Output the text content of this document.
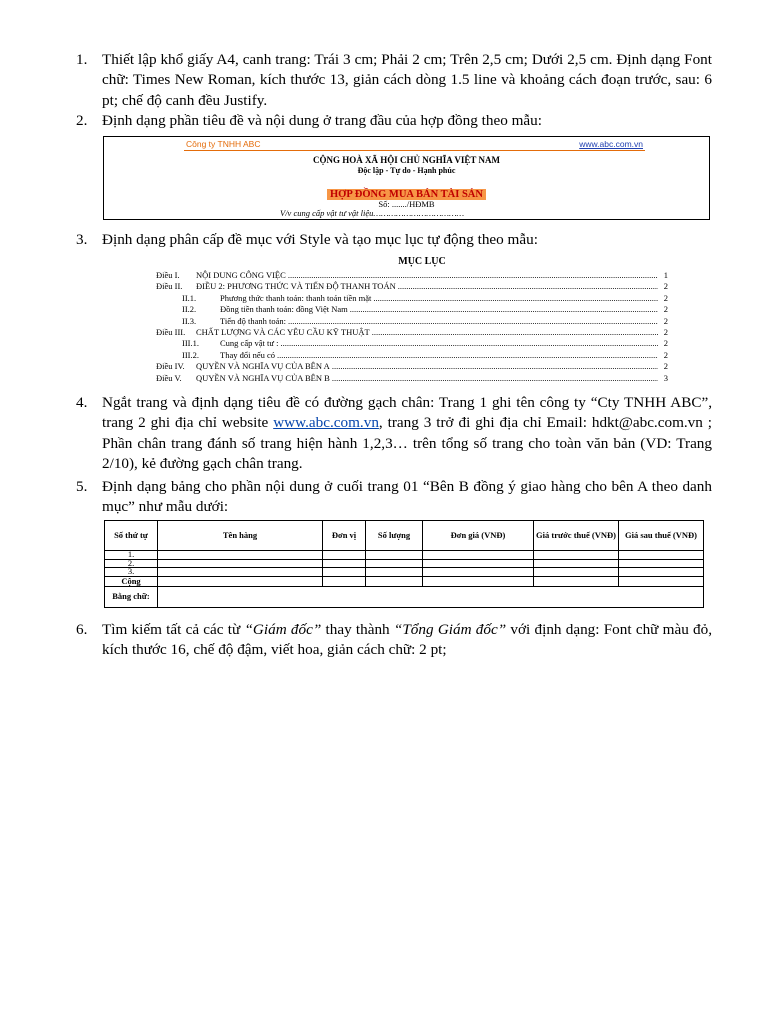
1. Thiết lập khổ giấy A4, canh trang: Trái 3 cm; Phải 2 cm; Trên 2,5 cm; Dưới 2,5 cm. Định dạng Font chữ: Times New Roman, kích thước 13, giản cách dòng 1.5 line và khoảng cách đoạn trước, sau: 6 pt; chế độ canh đều Justify.
2. Định dạng phần tiêu đề và nội dung ở trang đầu của hợp đồng theo mẫu:
Công ty TNHH ABC	www.abc.com.vn
CỘNG HOÀ XÃ HỘI CHỦ NGHĨA VIỆT NAM
Độc lập - Tự do - Hạnh phúc
HỢP ĐỒNG MUA BÁN TÀI SẢN
Số: ......./HĐMB
V/v cung cấp vật tư vật liệu………………………………
3. Định dạng phân cấp đề mục với Style và tạo mục lục tự động theo mẫu:
MỤC LỤC
Điều I.	NỘI DUNG CÔNG VIỆC .....	1
Điều II.	ĐIỀU 2: PHƯƠNG THỨC VÀ TIẾN ĐỘ THANH TOÁN .....	2
II.1.	Phương thức thanh toán: thanh toán tiền mặt .....	2
II.2.	Đồng tiền thanh toán: đồng Việt Nam .....	2
II.3.	Tiến độ thanh toán: .....	2
Điều III.	CHẤT LƯỢNG VÀ CÁC YÊU CẦU KỸ THUẬT .....	2
III.1.	Cung cấp vật tư : .....	2
III.2.	Thay đổi nếu có .....	2
Điều IV.	QUYỀN VÀ NGHĨA VỤ CỦA BÊN A .....	2
Điều V.	QUYỀN VÀ NGHĨA VỤ CỦA BÊN B .....	3
4. Ngắt trang và định dạng tiêu đề có đường gạch chân: Trang 1 ghi tên công ty “Cty TNHH ABC”, trang 2 ghi địa chỉ website www.abc.com.vn, trang 3 trở đi ghi địa chỉ Email: hdkt@abc.com.vn ; Phần chân trang đánh số trang hiện hành 1,2,3… trên tổng số trang cho toàn văn bản (VD: Trang 2/10), kẻ đường gạch chân trang.
5. Định dạng bảng cho phần nội dung ở cuối trang 01 “Bên B đồng ý giao hàng cho bên A theo danh mục” như mẫu dưới:
Số thứ tự	Tên hàng	Đơn vị	Số lượng	Đơn giá (VNĐ)	Giá trước thuế (VNĐ)	Giá sau thuế (VNĐ)
1.						
2.						
3.						
Cộng						
Bằng chữ:						
6. Tìm kiếm tất cả các từ “Giám đốc” thay thành “Tổng Giám đốc” với định dạng: Font chữ màu đỏ, kích thước 16, chế độ đậm, viết hoa, giản cách chữ: 2 pt;
